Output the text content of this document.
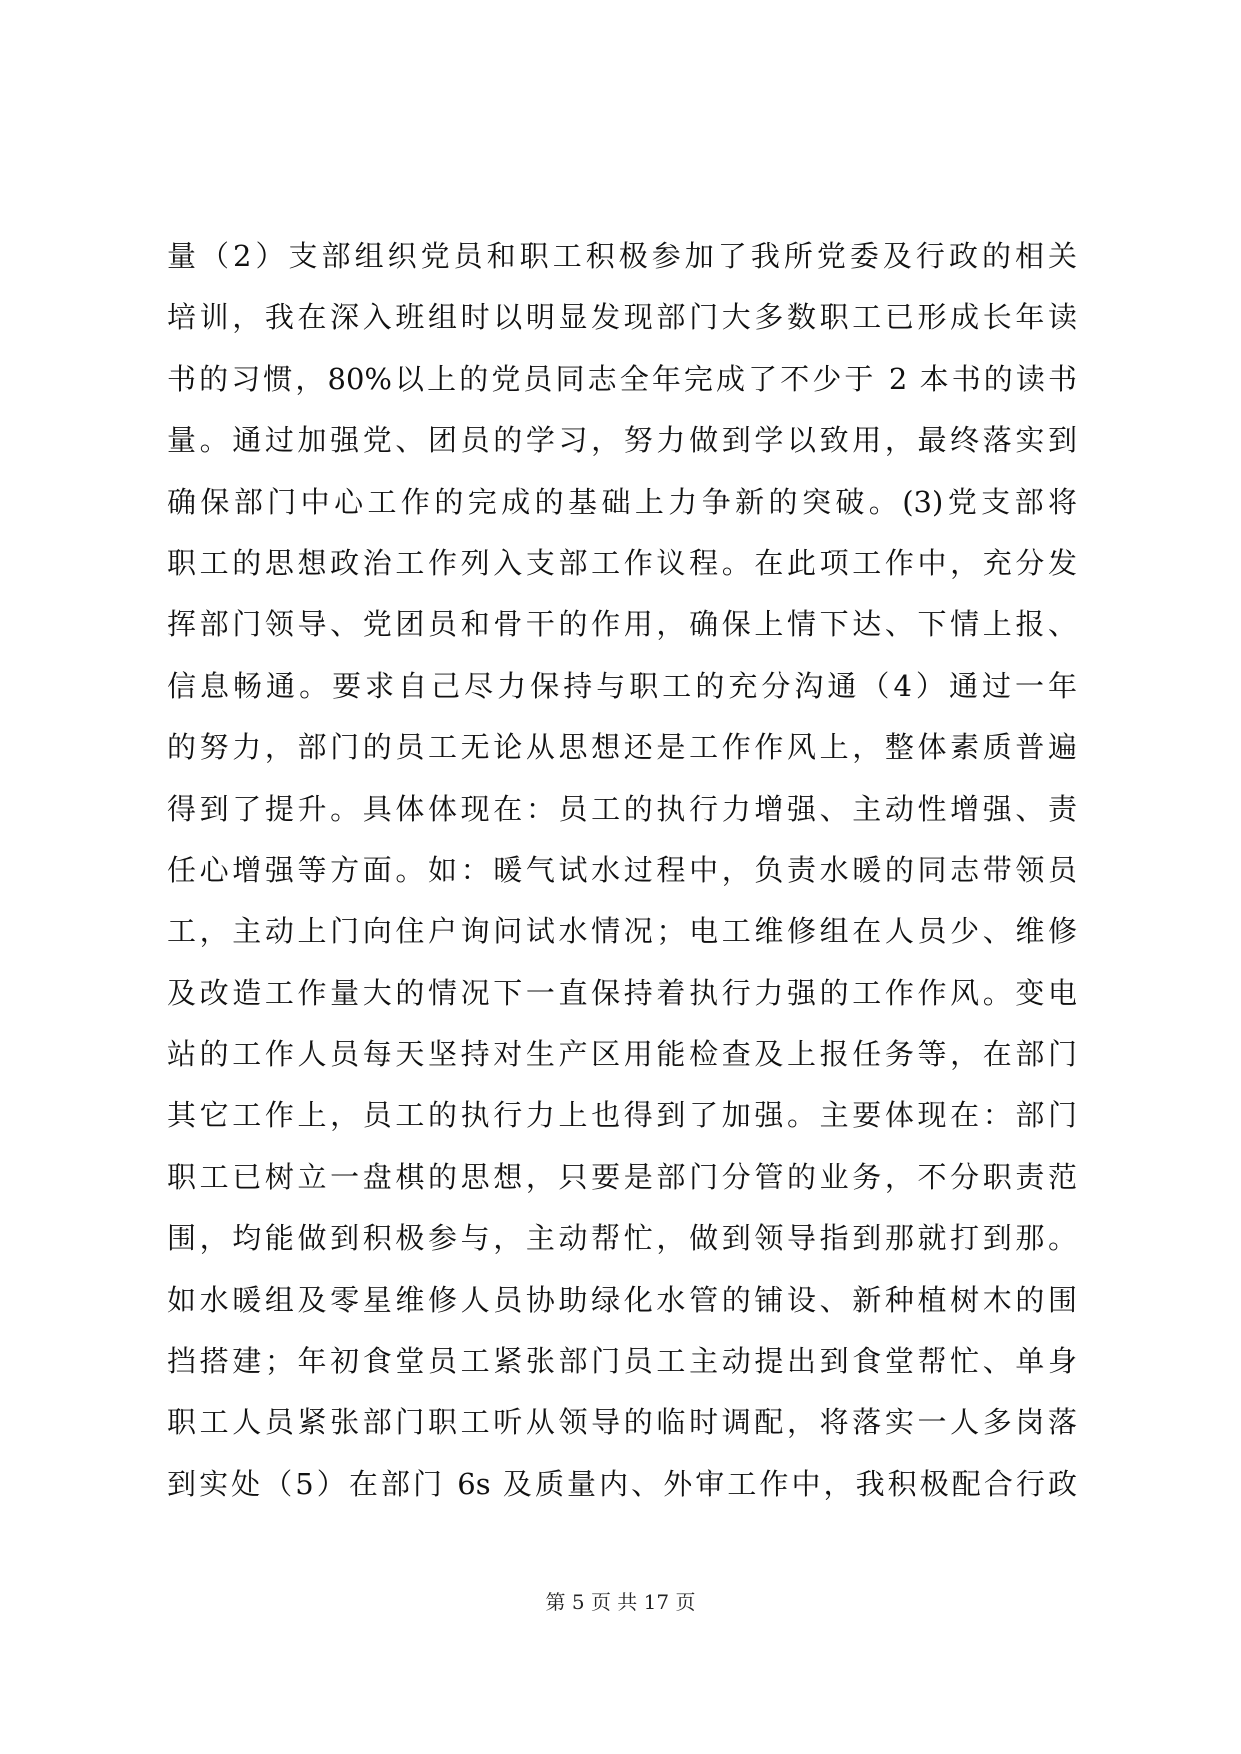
量（2）支部组织党员和职工积极参加了我所党委及行政的相关
培训，我在深入班组时以明显发现部门大多数职工已形成长年读
书的习惯，80%以上的党员同志全年完成了不少于 2 本书的读书
量。通过加强党、团员的学习，努力做到学以致用，最终落实到
确保部门中心工作的完成的基础上力争新的突破。(3)党支部将
职工的思想政治工作列入支部工作议程。在此项工作中，充分发
挥部门领导、党团员和骨干的作用，确保上情下达、下情上报、
信息畅通。要求自己尽力保持与职工的充分沟通（4）通过一年
的努力，部门的员工无论从思想还是工作作风上，整体素质普遍
得到了提升。具体体现在：员工的执行力增强、主动性增强、责
任心增强等方面。如：暖气试水过程中，负责水暖的同志带领员
工，主动上门向住户询问试水情况；电工维修组在人员少、维修
及改造工作量大的情况下一直保持着执行力强的工作作风。变电
站的工作人员每天坚持对生产区用能检查及上报任务等，在部门
其它工作上，员工的执行力上也得到了加强。主要体现在：部门
职工已树立一盘棋的思想，只要是部门分管的业务，不分职责范
围，均能做到积极参与，主动帮忙，做到领导指到那就打到那。
如水暖组及零星维修人员协助绿化水管的铺设、新种植树木的围
挡搭建；年初食堂员工紧张部门员工主动提出到食堂帮忙、单身
职工人员紧张部门职工听从领导的临时调配，将落实一人多岗落
到实处（5）在部门 6s 及质量内、外审工作中，我积极配合行政
第 5 页 共 17 页
